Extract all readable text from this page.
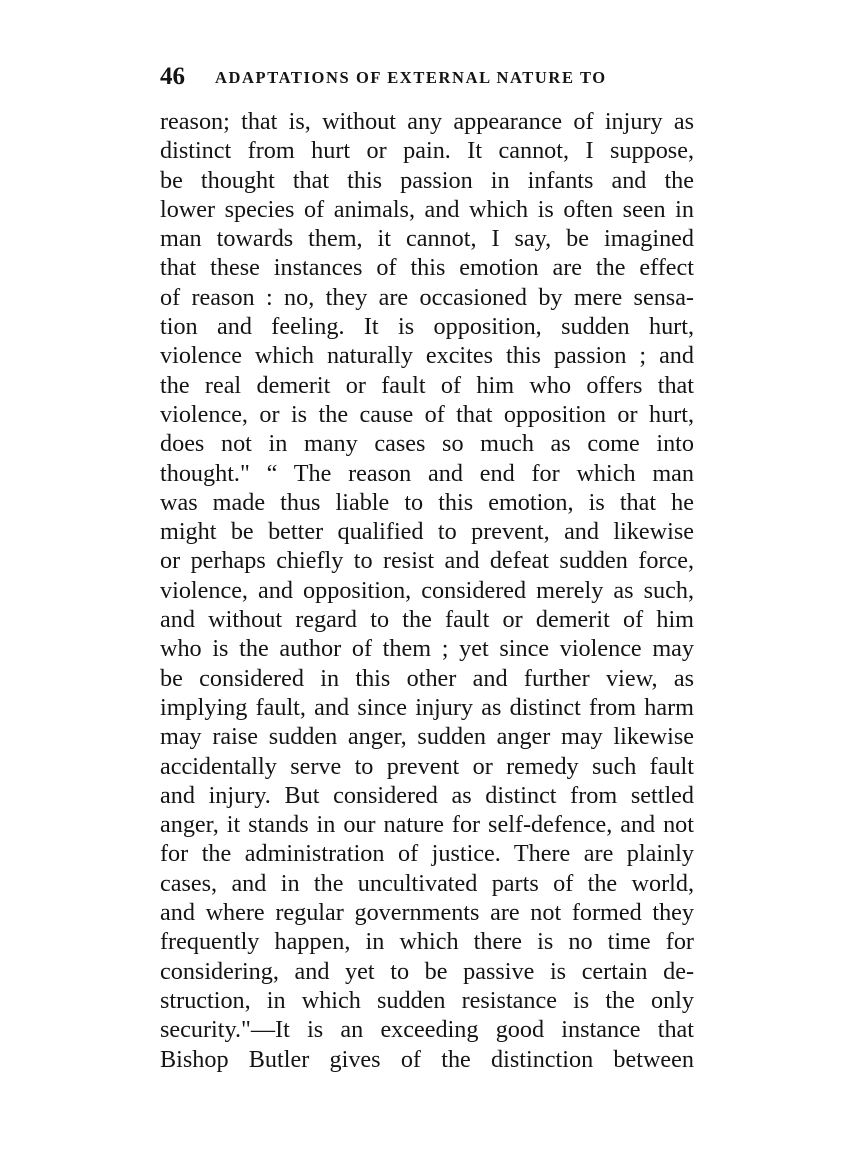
46 ADAPTATIONS OF EXTERNAL NATURE TO
reason; that is, without any appearance of injury as
distinct from hurt or pain. It cannot, I suppose,
be thought that this passion in infants and the
lower species of animals, and which is often seen in
man towards them, it cannot, I say, be imagined
that these instances of this emotion are the effect
of reason : no, they are occasioned by mere sensa-
tion and feeling. It is opposition, sudden hurt,
violence which naturally excites this passion ; and
the real demerit or fault of him who offers that
violence, or is the cause of that opposition or hurt,
does not in many cases so much as come into
thought." “ The reason and end for which man
was made thus liable to this emotion, is that he
might be better qualified to prevent, and likewise
or perhaps chiefly to resist and defeat sudden force,
violence, and opposition, considered merely as such,
and without regard to the fault or demerit of him
who is the author of them ; yet since violence may
be considered in this other and further view, as
implying fault, and since injury as distinct from harm
may raise sudden anger, sudden anger may likewise
accidentally serve to prevent or remedy such fault
and injury. But considered as distinct from settled
anger, it stands in our nature for self-defence, and not
for the administration of justice. There are plainly
cases, and in the uncultivated parts of the world,
and where regular governments are not formed they
frequently happen, in which there is no time for
considering, and yet to be passive is certain de-
struction, in which sudden resistance is the only
security."—It is an exceeding good instance that
Bishop Butler gives of the distinction between
